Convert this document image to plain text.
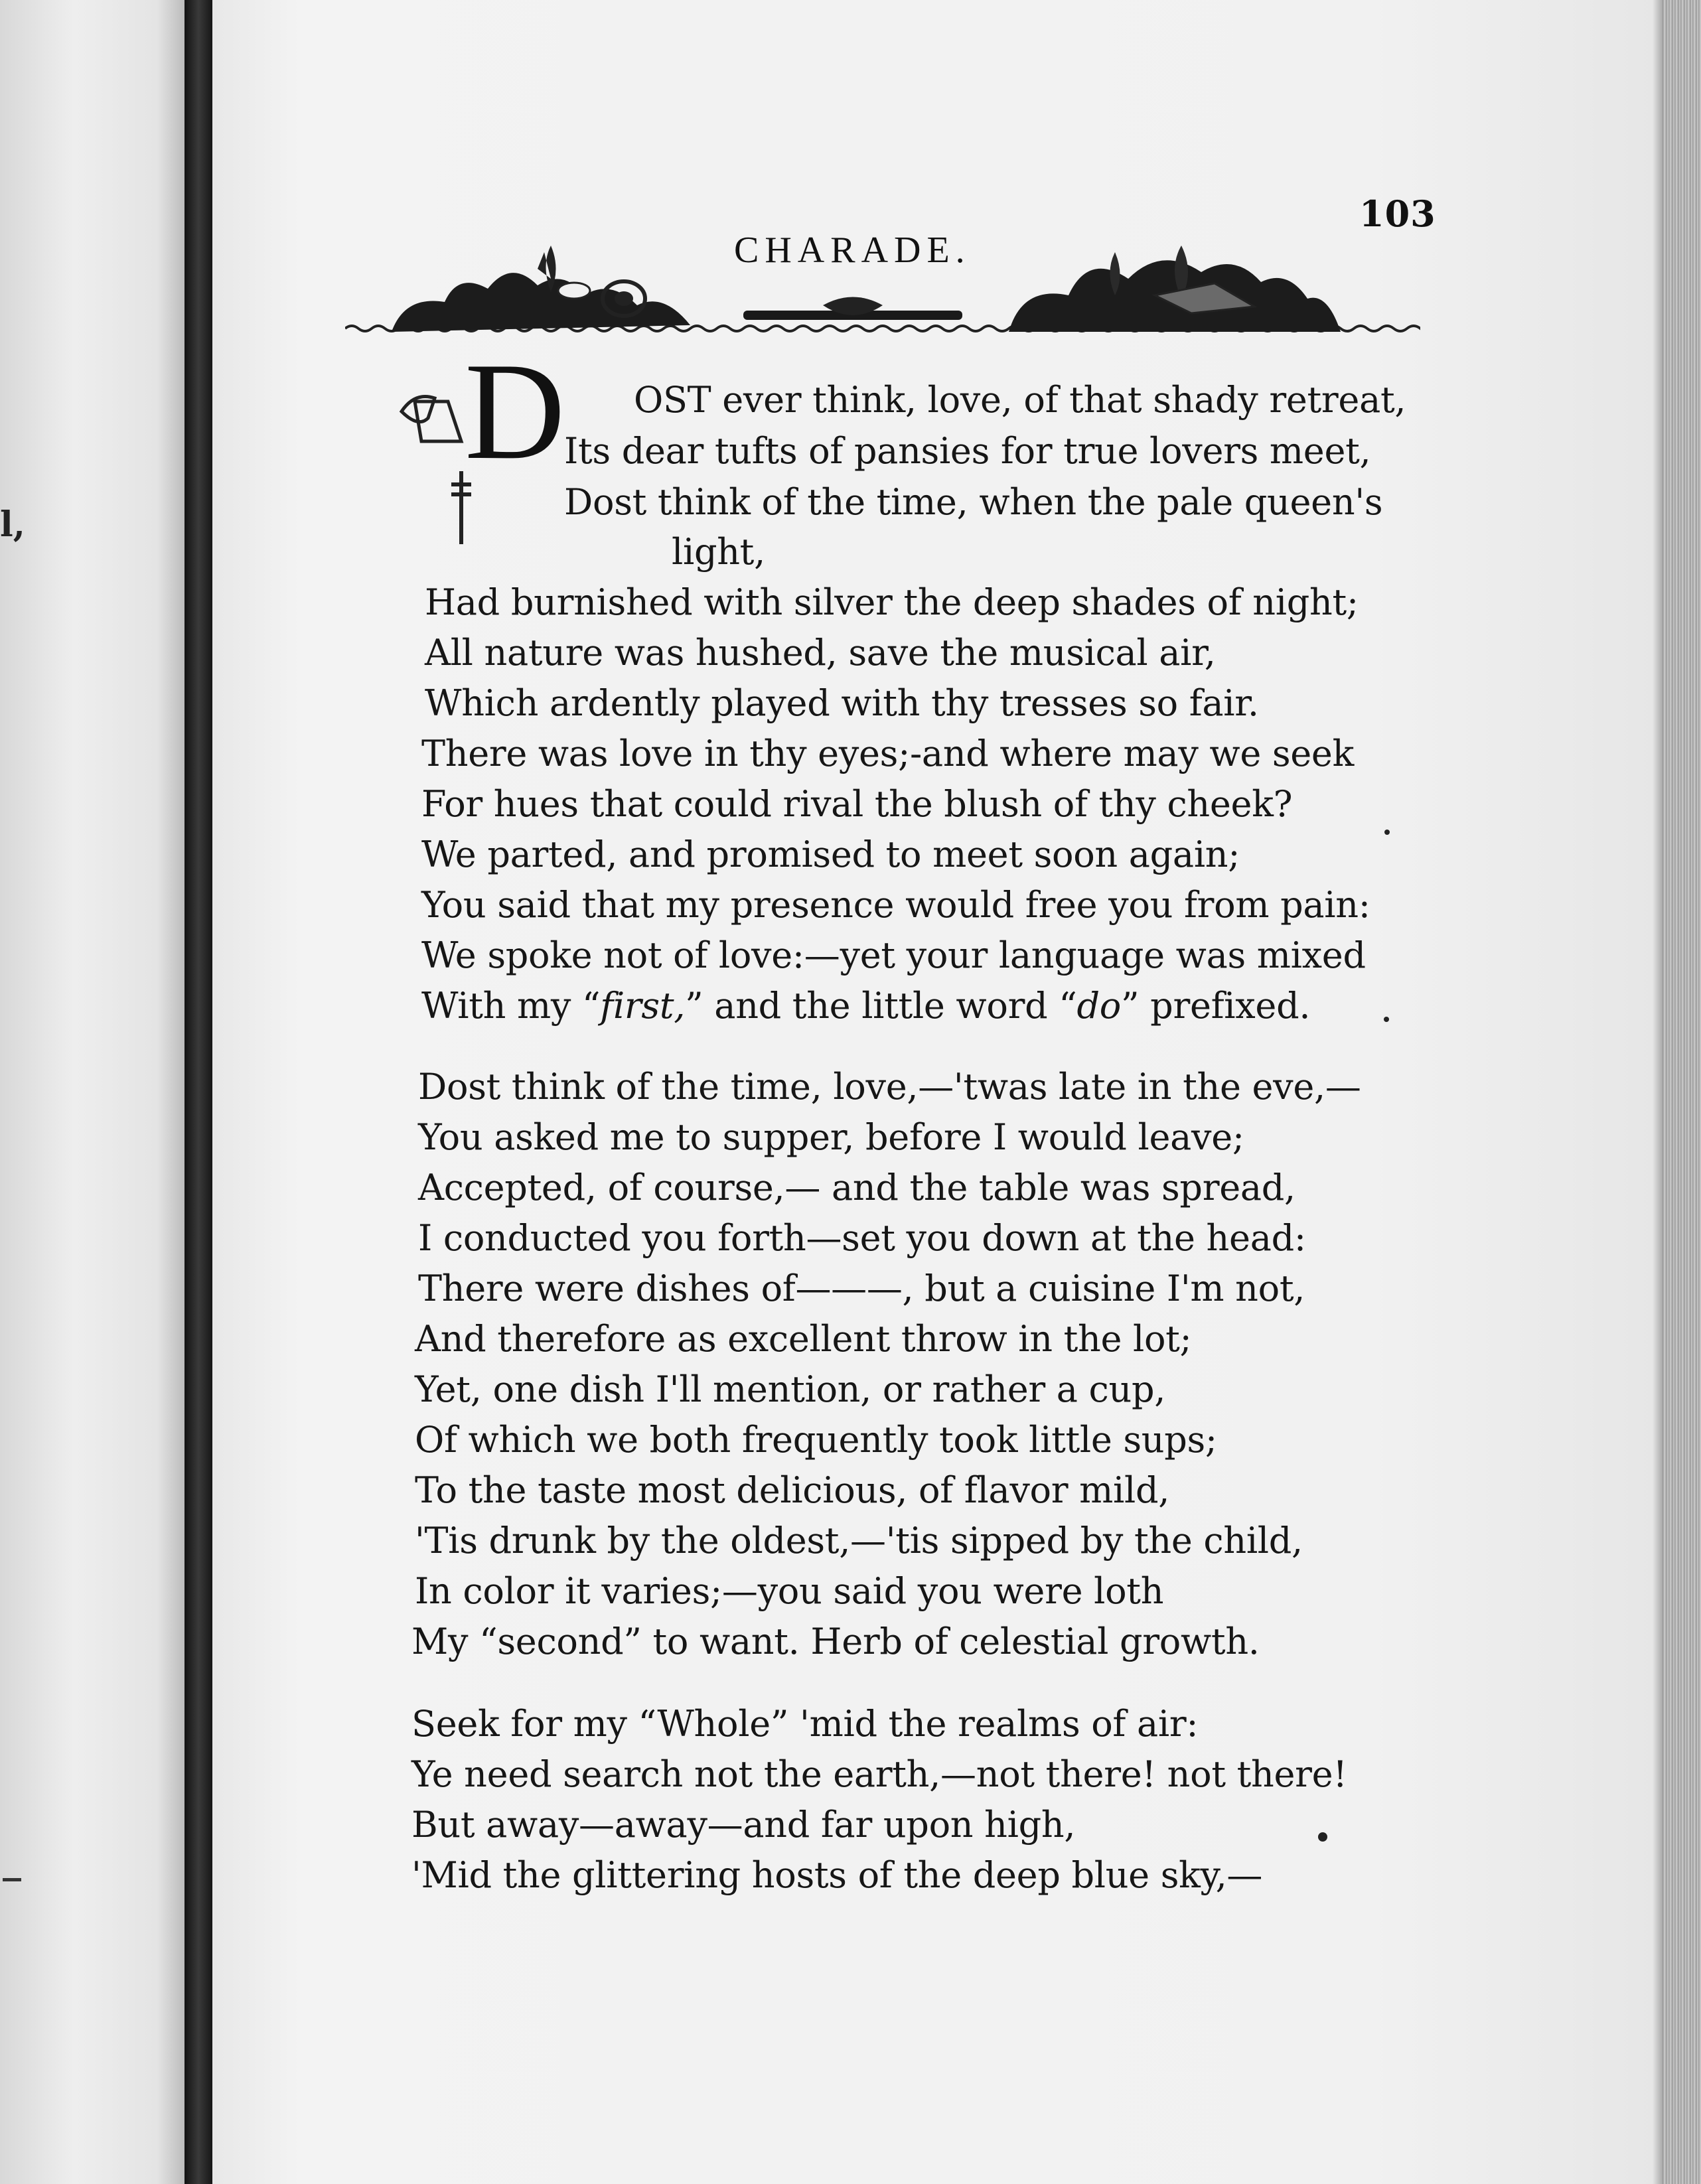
l,
103
CHARADE.
D OST ever think, love, of that shady retreat,
Its dear tufts of pansies for true lovers meet,
Dost think of the time, when the pale queen's
light,
Had burnished with silver the deep shades of night;
All nature was hushed, save the musical air,
Which ardently played with thy tresses so fair.
There was love in thy eyes;-and where may we seek
For hues that could rival the blush of thy cheek?
We parted, and promised to meet soon again;
You said that my presence would free you from pain:
We spoke not of love:—yet your language was mixed
With my “first,” and the little word “do” prefixed.
Dost think of the time, love,—'twas late in the eve,—
You asked me to supper, before I would leave;
Accepted, of course,— and the table was spread,
I conducted you forth—set you down at the head:
There were dishes of———, but a cuisine I'm not,
And therefore as excellent throw in the lot;
Yet, one dish I'll mention, or rather a cup,
Of which we both frequently took little sups;
To the taste most delicious, of flavor mild,
'Tis drunk by the oldest,—'tis sipped by the child,
In color it varies;—you said you were loth
My “second” to want. Herb of celestial growth.
Seek for my “Whole” 'mid the realms of air:
Ye need search not the earth,—not there! not there!
But away—away—and far upon high,
'Mid the glittering hosts of the deep blue sky,—
